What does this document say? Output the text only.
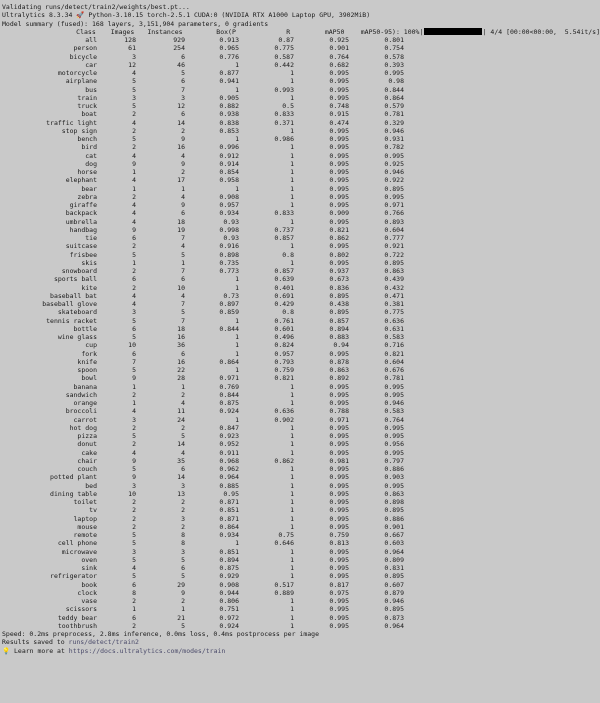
Validating runs/detect/train2/weights/best.pt...
Ultralytics 8.3.34 🚀 Python-3.10.15 torch-2.5.1 CUDA:0 (NVIDIA RTX A1000 Laptop GPU, 3902MiB)
Model summary (fused): 168 layers, 3,151,904 parameters, 0 gradients
Class	Images	Instances	Box(P	R	mAP50	mAP50-95): 100%|	| 4/4 [00:00<00:00,  5.54it/s]
all	128	929	0.913	0.87	0.925	0.801
person	61	254	0.965	0.775	0.901	0.754
bicycle	3	6	0.776	0.587	0.764	0.578
car	12	46	1	0.442	0.682	0.393
motorcycle	4	5	0.877	1	0.995	0.995
airplane	5	6	0.941	1	0.995	0.98
bus	5	7	1	0.993	0.995	0.844
train	3	3	0.905	1	0.995	0.864
truck	5	12	0.882	0.5	0.748	0.579
boat	2	6	0.938	0.833	0.915	0.781
traffic light	4	14	0.838	0.371	0.474	0.329
stop sign	2	2	0.853	1	0.995	0.946
bench	5	9	1	0.986	0.995	0.931
bird	2	16	0.996	1	0.995	0.782
cat	4	4	0.912	1	0.995	0.995
dog	9	9	0.914	1	0.995	0.925
horse	1	2	0.854	1	0.995	0.946
elephant	4	17	0.958	1	0.995	0.922
bear	1	1	1	1	0.995	0.895
zebra	2	4	0.908	1	0.995	0.995
giraffe	4	9	0.957	1	0.995	0.971
backpack	4	6	0.934	0.833	0.909	0.766
umbrella	4	18	0.93	1	0.995	0.893
handbag	9	19	0.998	0.737	0.821	0.604
tie	6	7	0.93	0.857	0.862	0.777
suitcase	2	4	0.916	1	0.995	0.921
frisbee	5	5	0.898	0.8	0.802	0.722
skis	1	1	0.735	1	0.995	0.895
snowboard	2	7	0.773	0.857	0.937	0.863
sports ball	6	6	1	0.639	0.673	0.439
kite	2	10	1	0.401	0.836	0.432
baseball bat	4	4	0.73	0.691	0.895	0.471
baseball glove	4	7	0.897	0.429	0.438	0.381
skateboard	3	5	0.859	0.8	0.895	0.775
tennis racket	5	7	1	0.761	0.857	0.636
bottle	6	18	0.844	0.601	0.894	0.631
wine glass	5	16	1	0.496	0.883	0.583
cup	10	36	1	0.824	0.94	0.716
fork	6	6	1	0.957	0.995	0.821
knife	7	16	0.864	0.793	0.878	0.604
spoon	5	22	1	0.759	0.863	0.676
bowl	9	28	0.971	0.821	0.892	0.781
banana	1	1	0.769	1	0.995	0.995
sandwich	2	2	0.844	1	0.995	0.995
orange	1	4	0.875	1	0.995	0.946
broccoli	4	11	0.924	0.636	0.788	0.583
carrot	3	24	1	0.902	0.971	0.764
hot dog	2	2	0.847	1	0.995	0.995
pizza	5	5	0.923	1	0.995	0.995
donut	2	14	0.952	1	0.995	0.956
cake	4	4	0.911	1	0.995	0.995
chair	9	35	0.968	0.862	0.981	0.797
couch	5	6	0.962	1	0.995	0.886
potted plant	9	14	0.964	1	0.995	0.903
bed	3	3	0.885	1	0.995	0.995
dining table	10	13	0.95	1	0.995	0.863
toilet	2	2	0.871	1	0.995	0.898
tv	2	2	0.851	1	0.995	0.895
laptop	2	3	0.871	1	0.995	0.886
mouse	2	2	0.864	1	0.995	0.901
remote	5	8	0.934	0.75	0.759	0.667
cell phone	5	8	1	0.646	0.813	0.603
microwave	3	3	0.851	1	0.995	0.964
oven	5	5	0.894	1	0.995	0.809
sink	4	6	0.875	1	0.995	0.831
refrigerator	5	5	0.929	1	0.995	0.895
book	6	29	0.908	0.517	0.817	0.607
clock	8	9	0.944	0.889	0.975	0.879
vase	2	2	0.806	1	0.995	0.946
scissors	1	1	0.751	1	0.995	0.895
teddy bear	6	21	0.972	1	0.995	0.873
toothbrush	2	5	0.924	1	0.995	0.964
Speed: 0.2ms preprocess, 2.8ms inference, 0.0ms loss, 0.4ms postprocess per image
Results saved to runs/detect/train2
💡 Learn more at https://docs.ultralytics.com/modes/train
